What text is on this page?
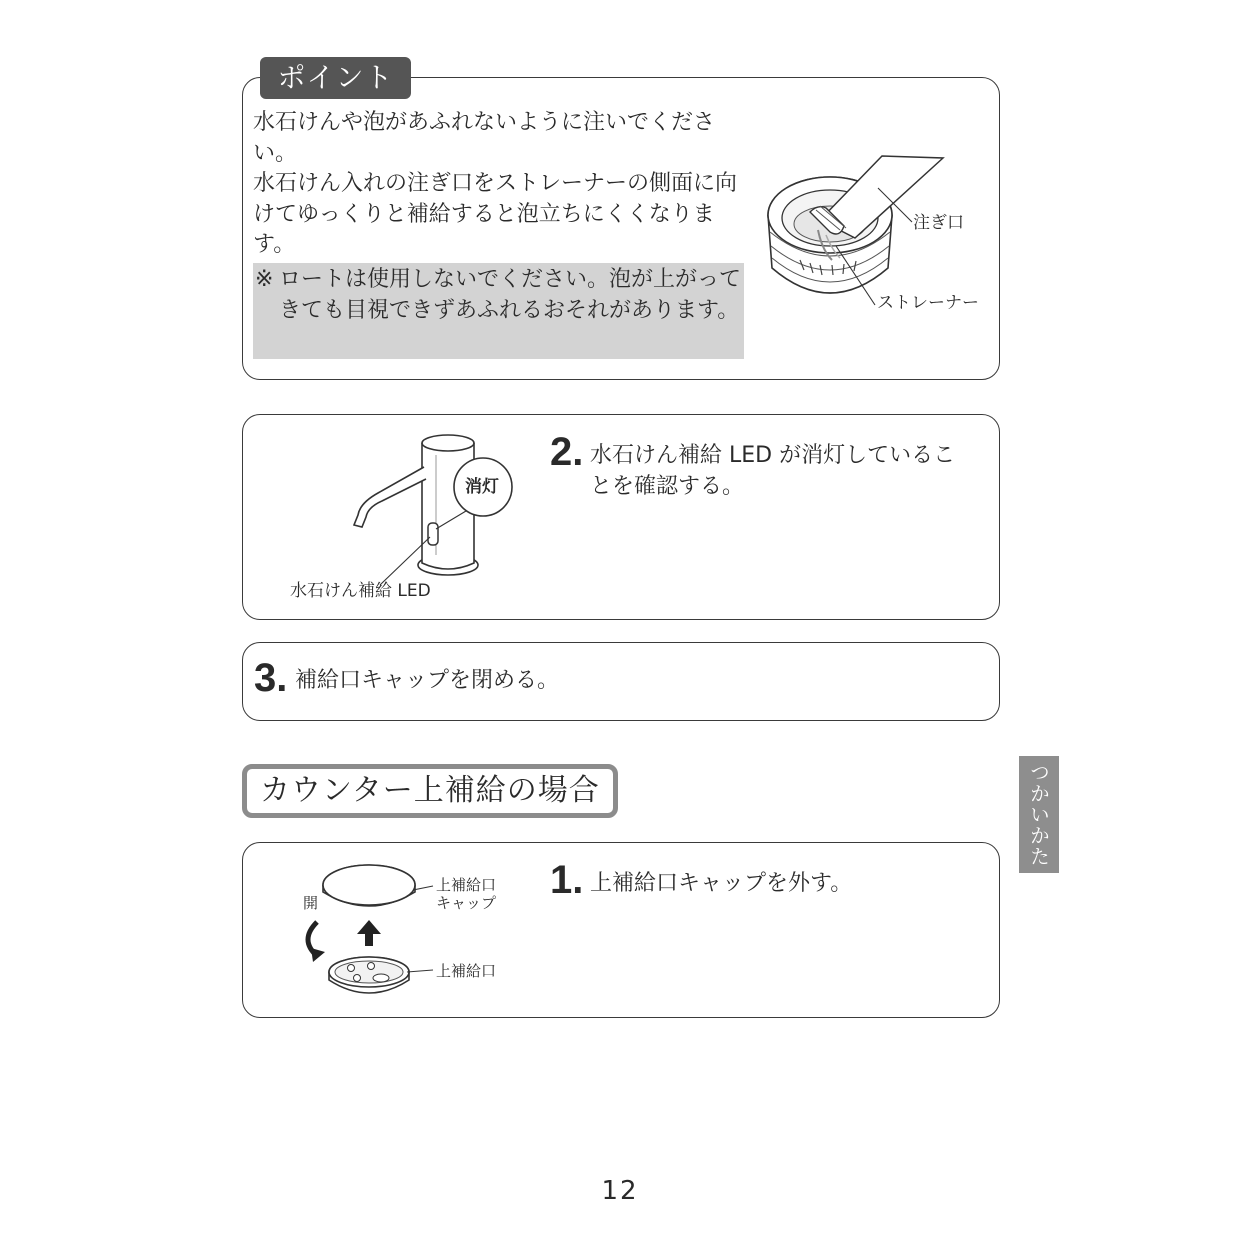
ポイント

水石けんや泡があふれないように注いでください。

水石けん入れの注ぎ口をストレーナーの側面に向けてゆっくりと補給すると泡立ちにくくなります。

※ ロートは使用しないでください。泡が上がってきても目視できずあふれるおそれがあります。
注ぎ口
ストレーナー
消灯
水石けん補給 LED
2. 水石けん補給 LED が消灯していることを確認する。

3. 補給口キャップを閉める。

カウンター上補給の場合	つかいかた
上補給口
キャップ
上補給口
開
1. 上補給口キャップを外す。

12
